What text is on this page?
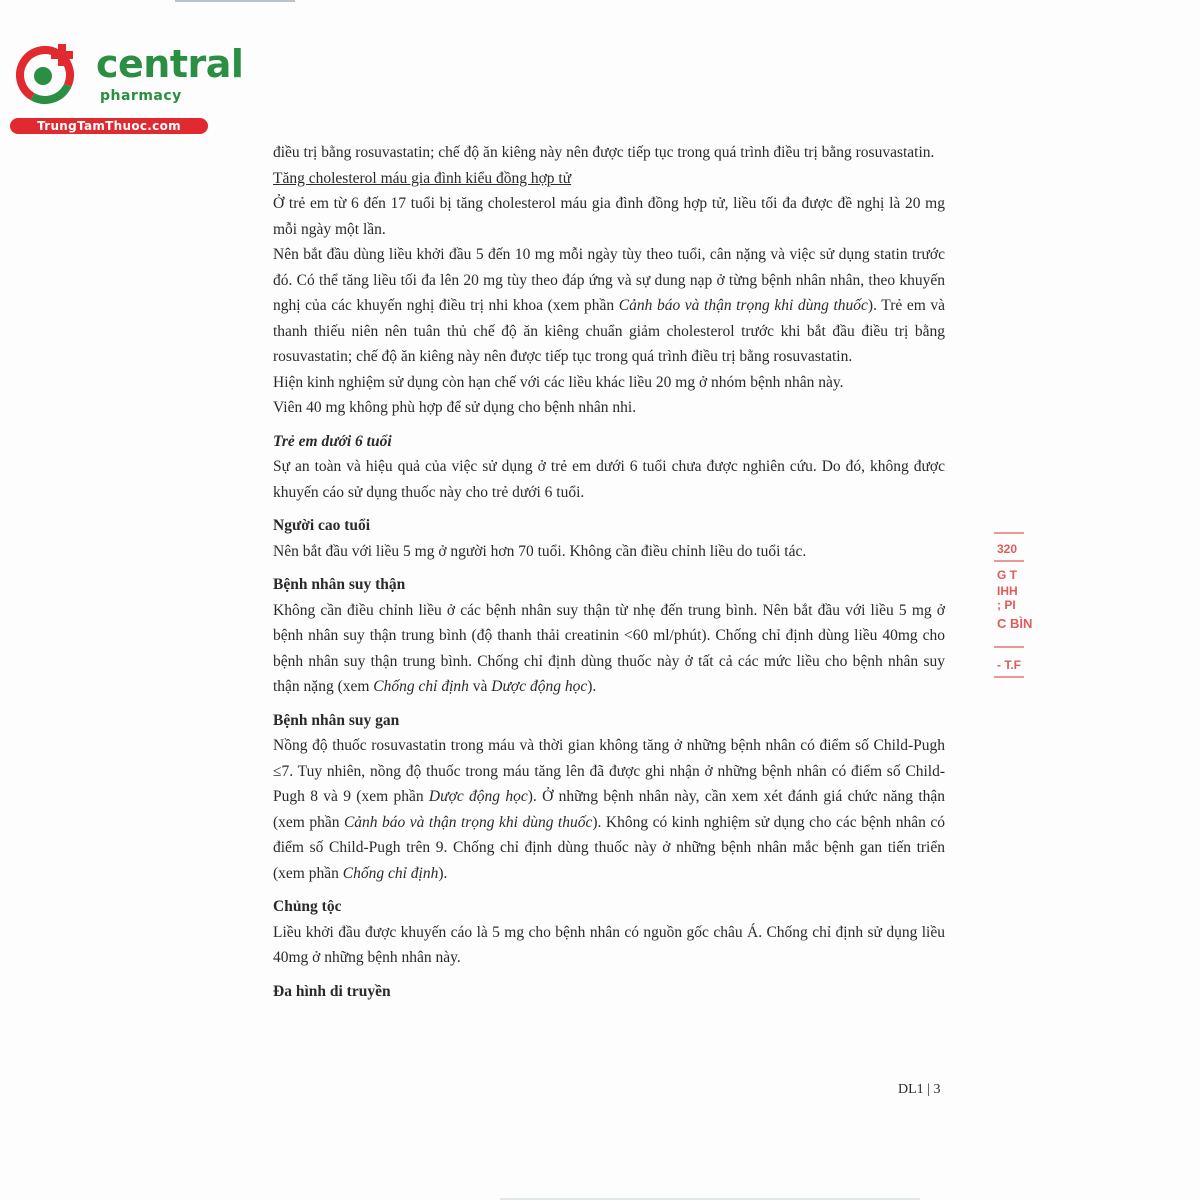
central
pharmacy
TrungTamThuoc.com

điều trị bằng rosuvastatin; chế độ ăn kiêng này nên được tiếp tục trong quá trình điều trị bằng rosuvastatin.

Tăng cholesterol máu gia đình kiểu đồng hợp tử

Ở trẻ em từ 6 đến 17 tuổi bị tăng cholesterol máu gia đình đồng hợp tử, liều tối đa được đề nghị là 20 mg mỗi ngày một lần.

Nên bắt đầu dùng liều khởi đầu 5 đến 10 mg mỗi ngày tùy theo tuổi, cân nặng và việc sử dụng statin trước đó. Có thể tăng liều tối đa lên 20 mg tùy theo đáp ứng và sự dung nạp ở từng bệnh nhân nhân, theo khuyến nghị của các khuyến nghị điều trị nhi khoa (xem phần Cảnh báo và thận trọng khi dùng thuốc). Trẻ em và thanh thiếu niên nên tuân thủ chế độ ăn kiêng chuẩn giảm cholesterol trước khi bắt đầu điều trị bằng rosuvastatin; chế độ ăn kiêng này nên được tiếp tục trong quá trình điều trị bằng rosuvastatin.

Hiện kinh nghiệm sử dụng còn hạn chế với các liều khác liều 20 mg ở nhóm bệnh nhân này.

Viên 40 mg không phù hợp để sử dụng cho bệnh nhân nhi.

Trẻ em dưới 6 tuổi

Sự an toàn và hiệu quả của việc sử dụng ở trẻ em dưới 6 tuổi chưa được nghiên cứu. Do đó, không được khuyến cáo sử dụng thuốc này cho trẻ dưới 6 tuổi.

Người cao tuổi

Nên bắt đầu với liều 5 mg ở người hơn 70 tuổi. Không cần điều chỉnh liều do tuổi tác.

Bệnh nhân suy thận

Không cần điều chỉnh liều ở các bệnh nhân suy thận từ nhẹ đến trung bình. Nên bắt đầu với liều 5 mg ở bệnh nhân suy thận trung bình (độ thanh thải creatinin <60 ml/phút). Chống chỉ định dùng liều 40mg cho bệnh nhân suy thận trung bình. Chống chỉ định dùng thuốc này ở tất cả các mức liều cho bệnh nhân suy thận nặng (xem Chống chỉ định và Dược động học).

Bệnh nhân suy gan

Nồng độ thuốc rosuvastatin trong máu và thời gian không tăng ở những bệnh nhân có điểm số Child-Pugh ≤7. Tuy nhiên, nồng độ thuốc trong máu tăng lên đã được ghi nhận ở những bệnh nhân có điểm số Child-Pugh 8 và 9 (xem phần Dược động học). Ở những bệnh nhân này, cần xem xét đánh giá chức năng thận (xem phần Cảnh báo và thận trọng khi dùng thuốc). Không có kinh nghiệm sử dụng cho các bệnh nhân có điểm số Child-Pugh trên 9. Chống chỉ định dùng thuốc này ở những bệnh nhân mắc bệnh gan tiến triển (xem phần Chống chỉ định).

Chủng tộc

Liều khởi đầu được khuyến cáo là 5 mg cho bệnh nhân có nguồn gốc châu Á. Chống chỉ định sử dụng liều 40mg ở những bệnh nhân này.

Đa hình di truyền

DL1 | 3
320
G T
IHH
; PI
C BÌN
- T.F
